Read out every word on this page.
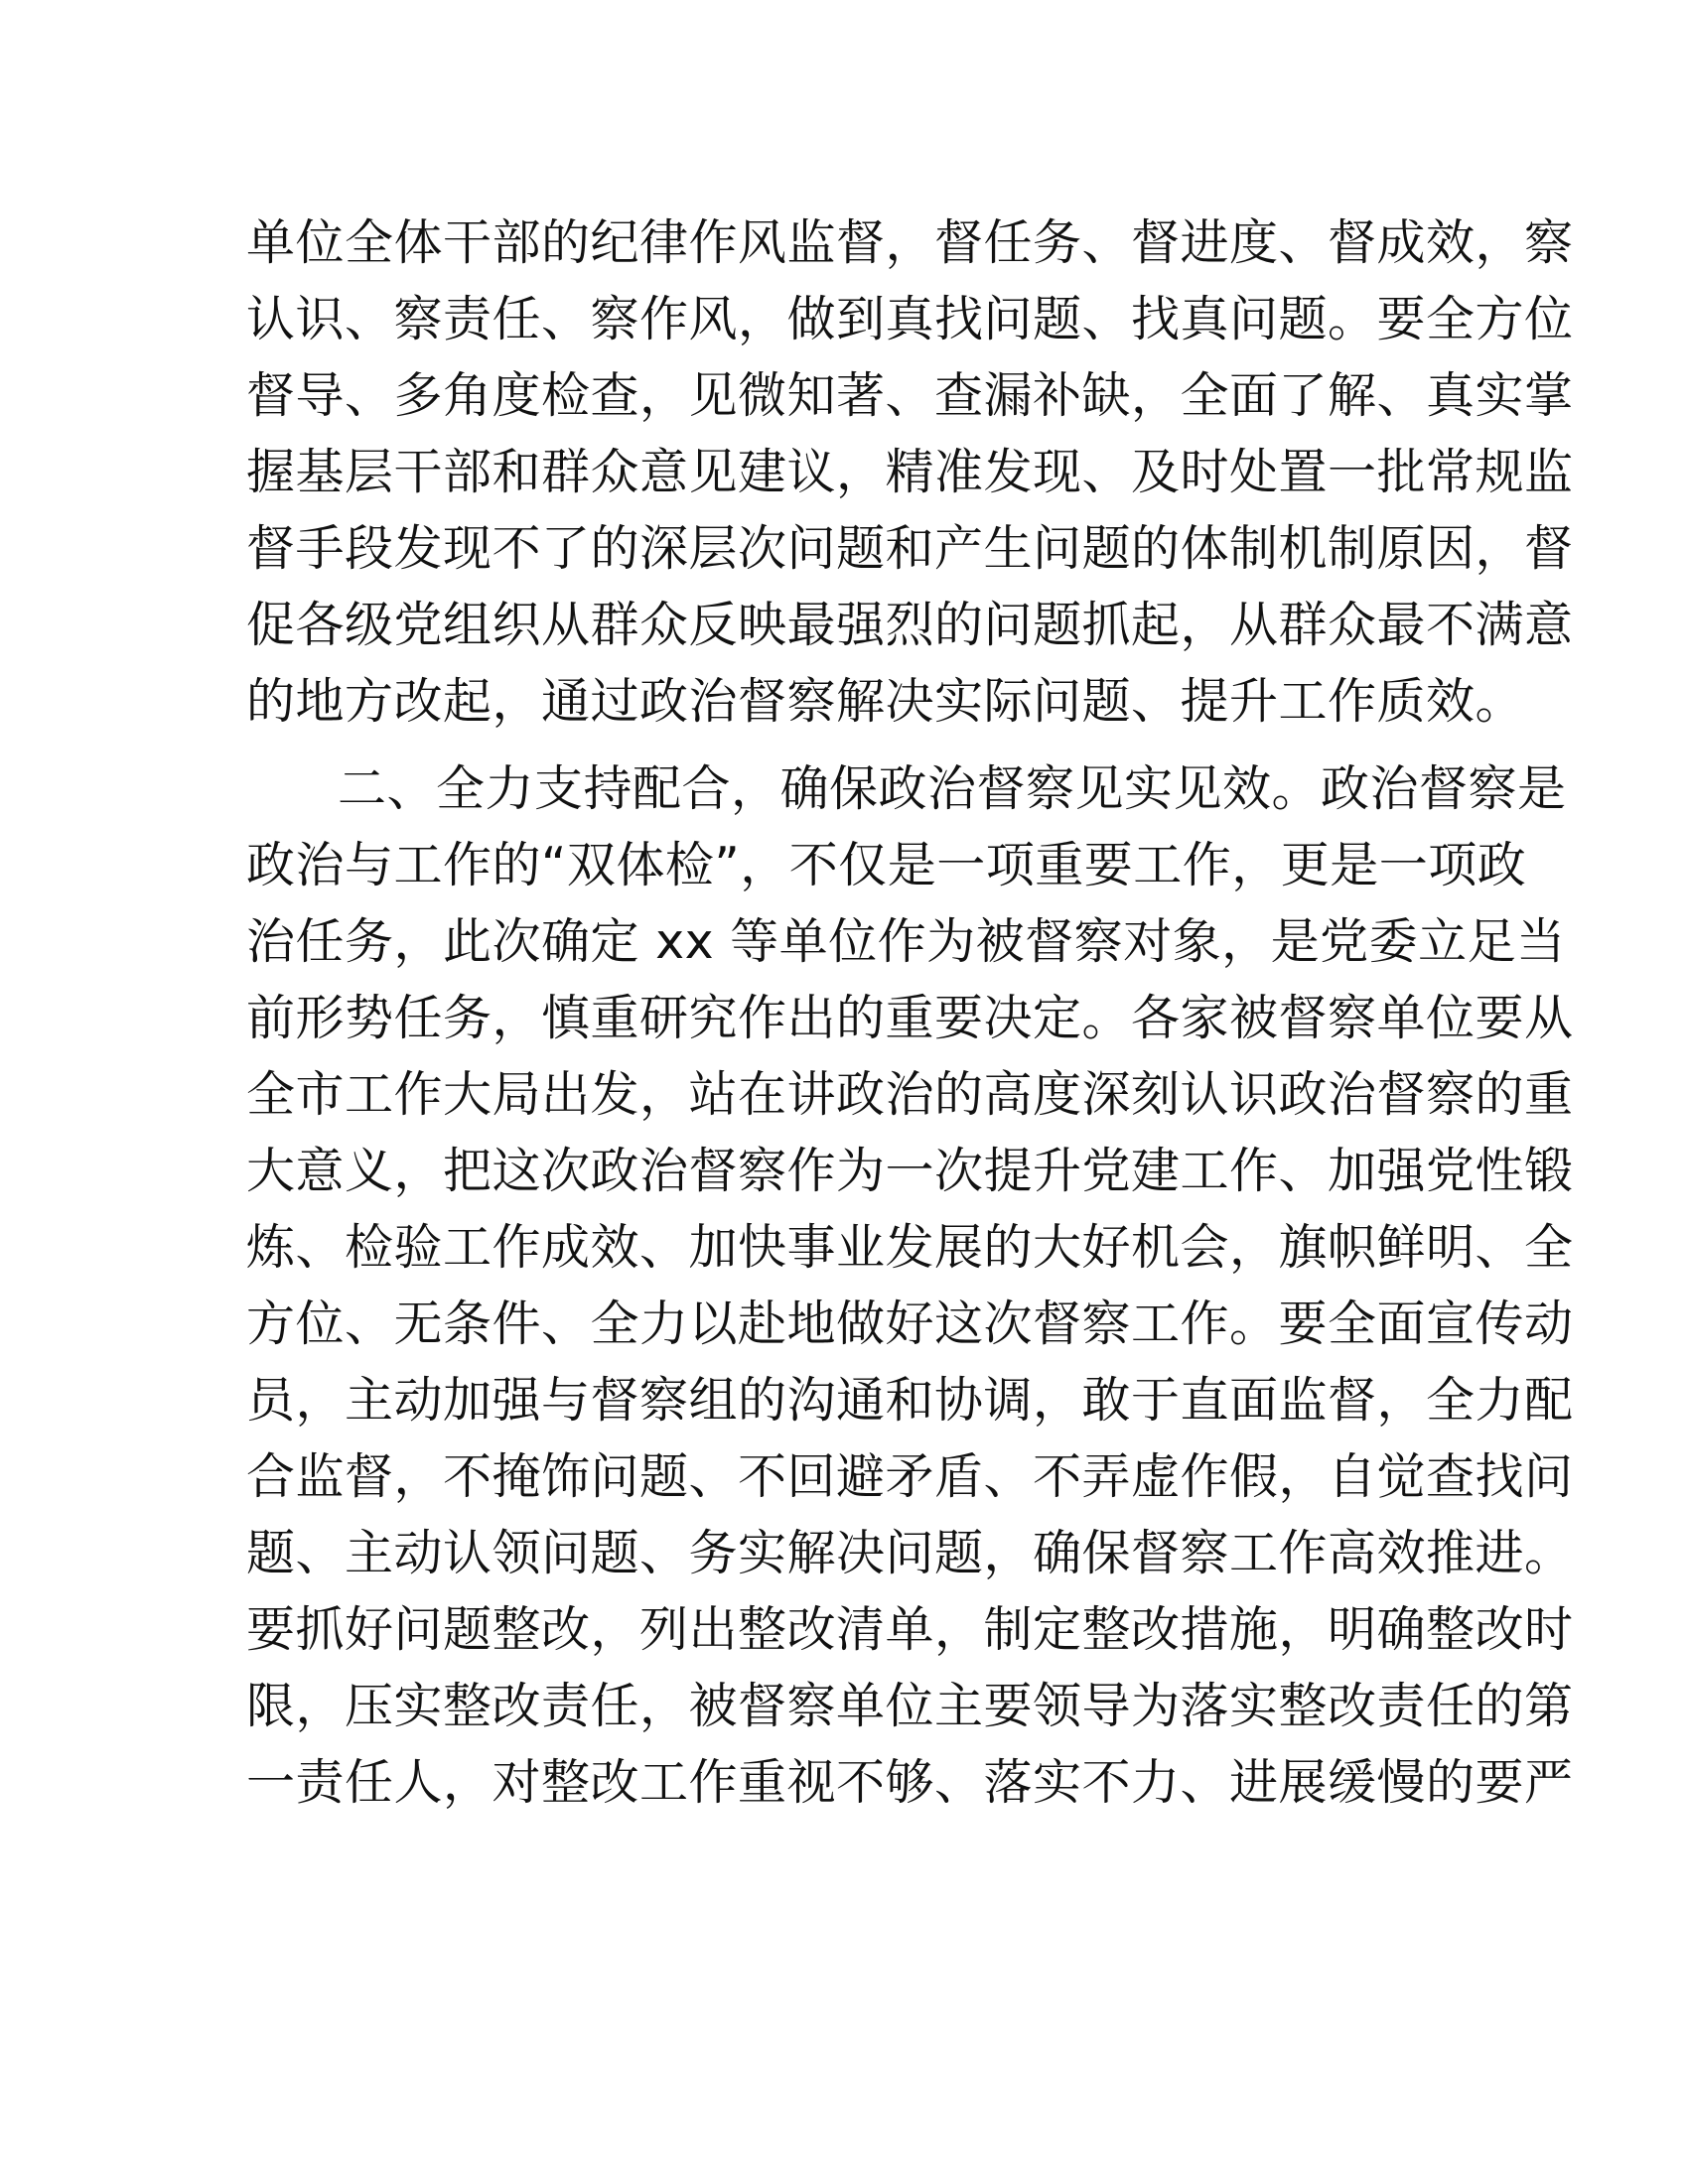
单位全体干部的纪律作风监督，督任务、督进度、督成效，察
认识、察责任、察作风，做到真找问题、找真问题。要全方位
督导、多角度检查，见微知著、查漏补缺，全面了解、真实掌
握基层干部和群众意见建议，精准发现、及时处置一批常规监
督手段发现不了的深层次问题和产生问题的体制机制原因，督
促各级党组织从群众反映最强烈的问题抓起，从群众最不满意
的地方改起，通过政治督察解决实际问题、提升工作质效。
二、全力支持配合，确保政治督察见实见效。政治督察是
政治与工作的“双体检”，不仅是一项重要工作，更是一项政
治任务，此次确定 xx 等单位作为被督察对象，是党委立足当
前形势任务，慎重研究作出的重要决定。各家被督察单位要从
全市工作大局出发，站在讲政治的高度深刻认识政治督察的重
大意义，把这次政治督察作为一次提升党建工作、加强党性锻
炼、检验工作成效、加快事业发展的大好机会，旗帜鲜明、全
方位、无条件、全力以赴地做好这次督察工作。要全面宣传动
员，主动加强与督察组的沟通和协调，敢于直面监督，全力配
合监督，不掩饰问题、不回避矛盾、不弄虚作假，自觉查找问
题、主动认领问题、务实解决问题，确保督察工作高效推进。
要抓好问题整改，列出整改清单，制定整改措施，明确整改时
限，压实整改责任，被督察单位主要领导为落实整改责任的第
一责任人，对整改工作重视不够、落实不力、进展缓慢的要严
